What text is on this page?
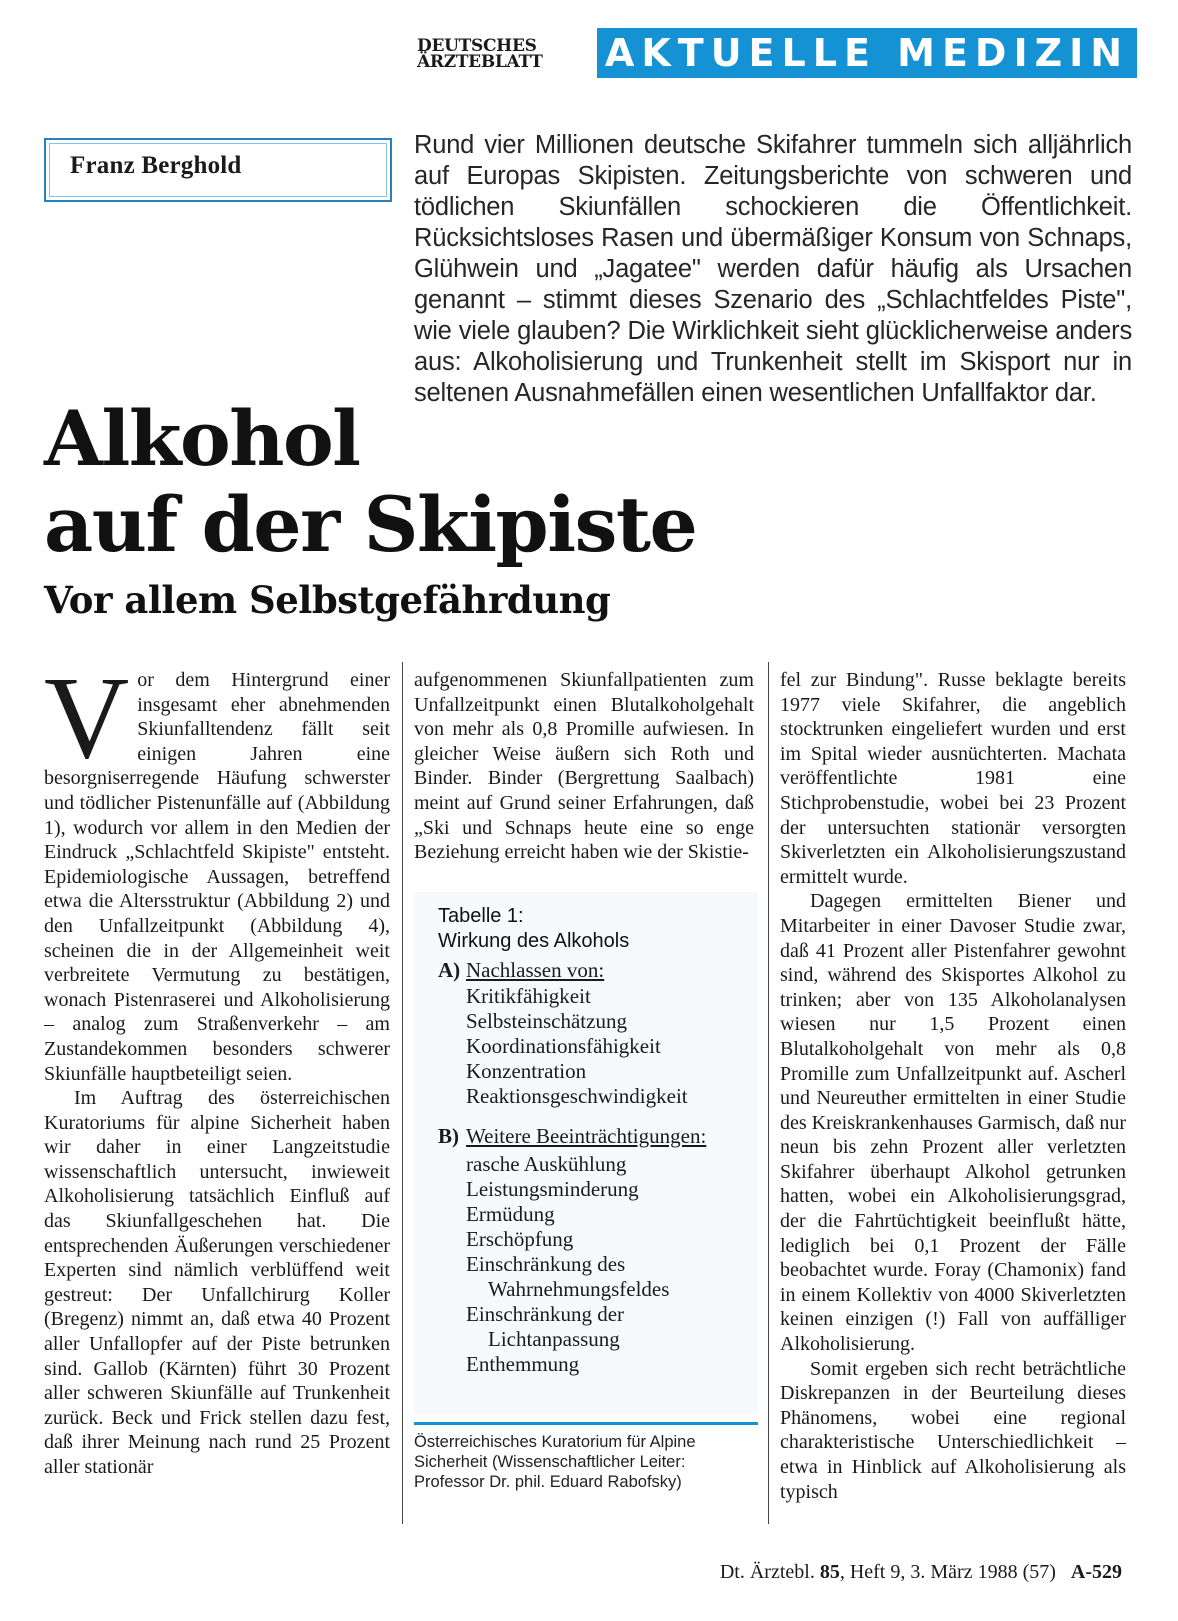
DEUTSCHES
ÄRZTEBLATT	AKTUELLE MEDIZIN
Franz Berghold
Rund vier Millionen deutsche Skifahrer tummeln sich alljährlich auf Europas Skipisten. Zeitungsberichte von schweren und tödlichen Skiunfällen schockieren die Öffentlichkeit. Rücksichtsloses Rasen und übermäßiger Konsum von Schnaps, Glühwein und „Jagatee" werden dafür häufig als Ursachen genannt – stimmt dieses Szenario des „Schlachtfeldes Piste", wie viele glauben? Die Wirklichkeit sieht glücklicherweise anders aus: Alkoholisierung und Trunkenheit stellt im Skisport nur in seltenen Ausnahmefällen einen wesentlichen Unfallfaktor dar.
Alkohol
auf der Skipiste
Vor allem Selbstgefährdung

Vor dem Hintergrund einer insgesamt eher abnehmenden Skiunfalltendenz fällt seit einigen Jahren eine besorgniserregende Häufung schwerster und tödlicher Pistenunfälle auf (Abbildung 1), wodurch vor allem in den Medien der Eindruck „Schlachtfeld Skipiste" entsteht. Epidemiologische Aussagen, betreffend etwa die Altersstruktur (Abbildung 2) und den Unfallzeitpunkt (Abbildung 4), scheinen die in der Allgemeinheit weit verbreitete Vermutung zu bestätigen, wonach Pistenraserei und Alkoholisierung – analog zum Straßenverkehr – am Zustandekommen besonders schwerer Skiunfälle hauptbeteiligt seien.

Im Auftrag des österreichischen Kuratoriums für alpine Sicherheit haben wir daher in einer Langzeitstudie wissenschaftlich untersucht, inwieweit Alkoholisierung tatsächlich Einfluß auf das Skiunfallgeschehen hat. Die entsprechenden Äußerungen verschiedener Experten sind nämlich verblüffend weit gestreut: Der Unfallchirurg Koller (Bregenz) nimmt an, daß etwa 40 Prozent aller Unfallopfer auf der Piste betrunken sind. Gallob (Kärnten) führt 30 Prozent aller schweren Skiunfälle auf Trunkenheit zurück. Beck und Frick stellen dazu fest, daß ihrer Meinung nach rund 25 Prozent aller stationär

aufgenommenen Skiunfallpatienten zum Unfallzeitpunkt einen Blutalkoholgehalt von mehr als 0,8 Promille aufwiesen. In gleicher Weise äußern sich Roth und Binder. Binder (Bergrettung Saalbach) meint auf Grund seiner Erfahrungen, daß „Ski und Schnaps heute eine so enge Beziehung erreicht haben wie der Skistie-

Tabelle 1:
Wirkung des Alkohols
A) Nachlassen von:
Kritikfähigkeit
Selbsteinschätzung
Koordinationsfähigkeit
Konzentration
Reaktionsgeschwindigkeit
B) Weitere Beeinträchtigungen:
rasche Auskühlung
Leistungsminderung
Ermüdung
Erschöpfung
Einschränkung des
Wahrnehmungsfeldes
Einschränkung der
Lichtanpassung
Enthemmung
Österreichisches Kuratorium für Alpine Sicherheit (Wissenschaftlicher Leiter: Professor Dr. phil. Eduard Rabofsky)

fel zur Bindung". Russe beklagte bereits 1977 viele Skifahrer, die angeblich stocktrunken eingeliefert wurden und erst im Spital wieder ausnüchterten. Machata veröffentlichte 1981 eine Stichprobenstudie, wobei bei 23 Prozent der untersuchten stationär versorgten Skiverletzten ein Alkoholisierungszustand ermittelt wurde.

Dagegen ermittelten Biener und Mitarbeiter in einer Davoser Studie zwar, daß 41 Prozent aller Pistenfahrer gewohnt sind, während des Skisportes Alkohol zu trinken; aber von 135 Alkoholanalysen wiesen nur 1,5 Prozent einen Blutalkoholgehalt von mehr als 0,8 Promille zum Unfallzeitpunkt auf. Ascherl und Neureuther ermittelten in einer Studie des Kreiskrankenhauses Garmisch, daß nur neun bis zehn Prozent aller verletzten Skifahrer überhaupt Alkohol getrunken hatten, wobei ein Alkoholisierungsgrad, der die Fahrtüchtigkeit beeinflußt hätte, lediglich bei 0,1 Prozent der Fälle beobachtet wurde. Foray (Chamonix) fand in einem Kollektiv von 4000 Skiverletzten keinen einzigen (!) Fall von auffälliger Alkoholisierung.

Somit ergeben sich recht beträchtliche Diskrepanzen in der Beurteilung dieses Phänomens, wobei eine regional charakteristische Unterschiedlichkeit – etwa in Hinblick auf Alkoholisierung als typisch

Dt. Ärztebl. 85, Heft 9, 3. März 1988 (57) A-529
